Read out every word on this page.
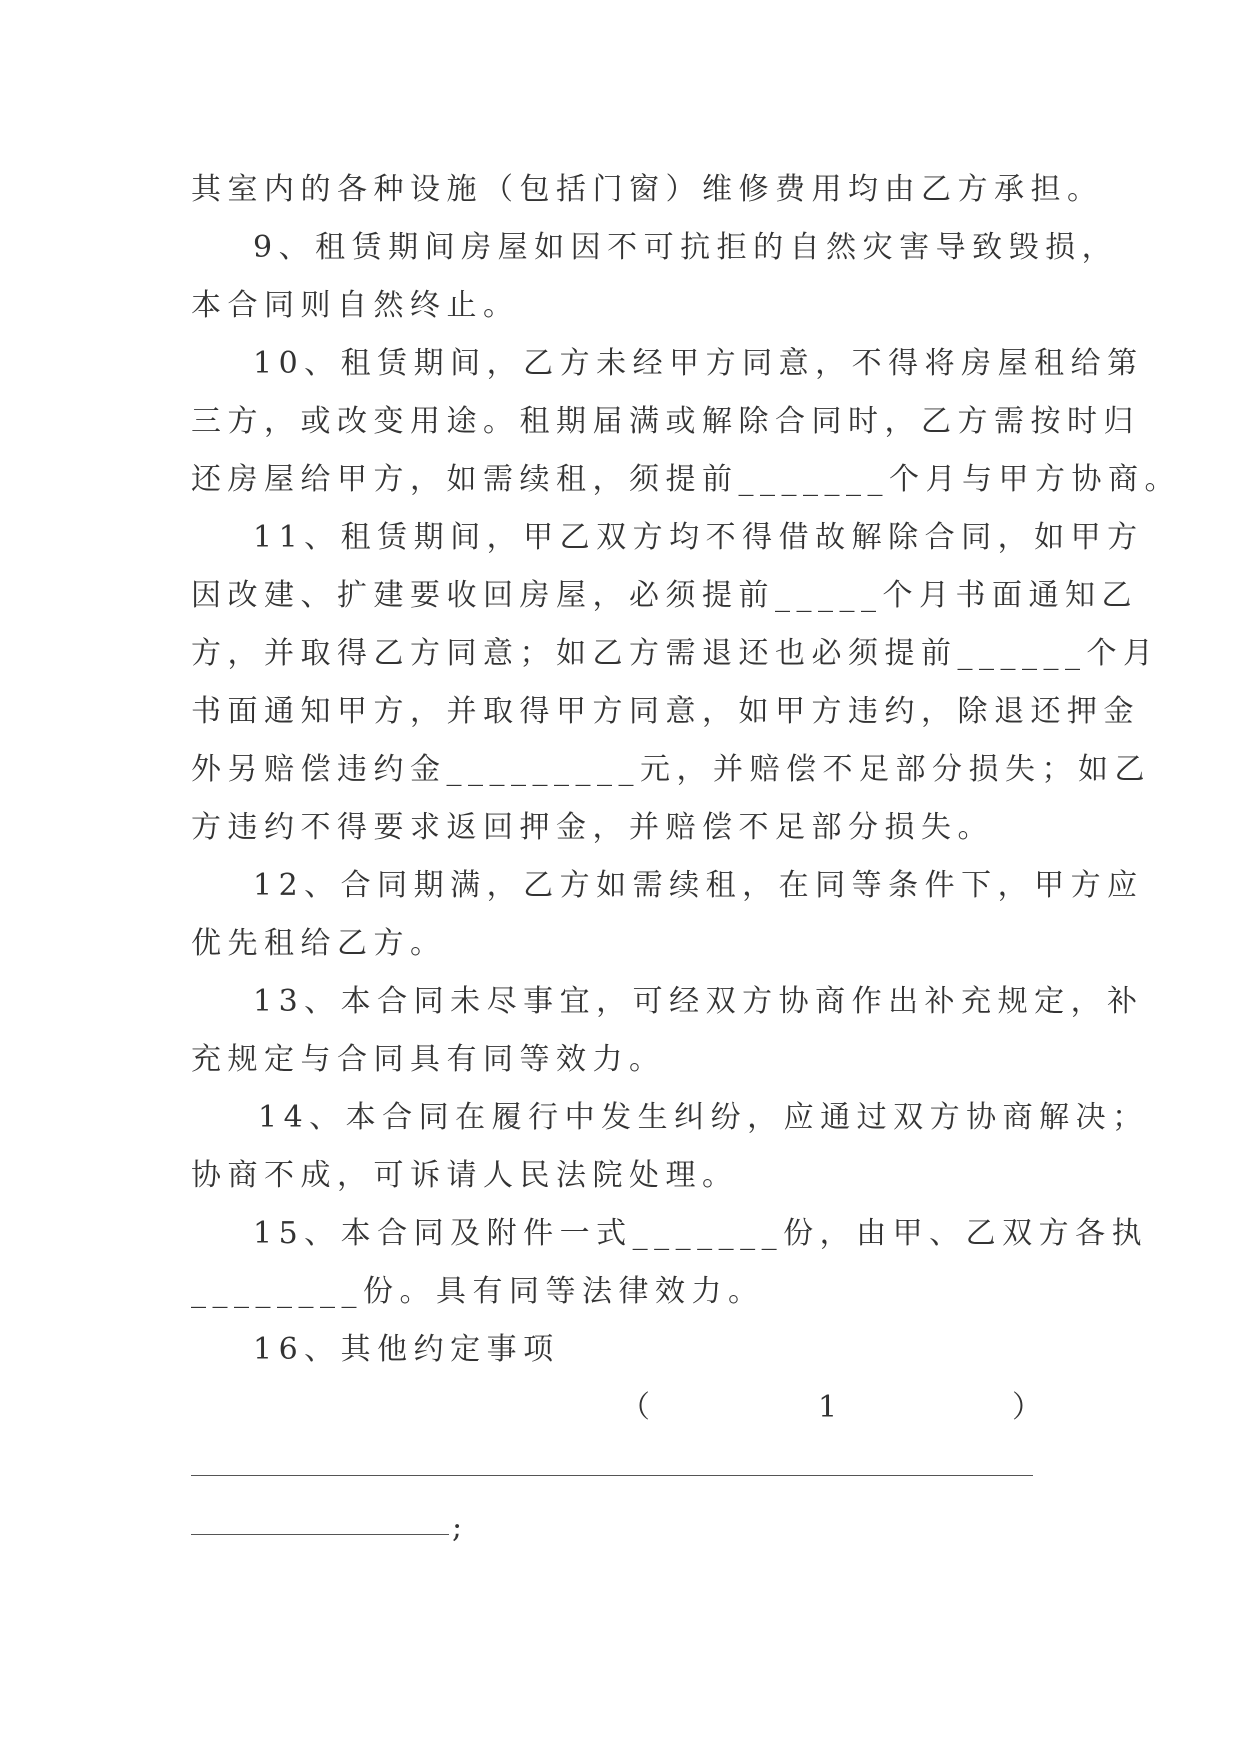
其室内的各种设施（包括门窗）维修费用均由乙方承担。
9、租赁期间房屋如因不可抗拒的自然灾害导致毁损，
本合同则自然终止。
10、租赁期间，乙方未经甲方同意，不得将房屋租给第
三方，或改变用途。租期届满或解除合同时，乙方需按时归
还房屋给甲方，如需续租，须提前_______个月与甲方协商。
11、租赁期间，甲乙双方均不得借故解除合同，如甲方
因改建、扩建要收回房屋，必须提前_____个月书面通知乙
方，并取得乙方同意；如乙方需退还也必须提前______个月
书面通知甲方，并取得甲方同意，如甲方违约，除退还押金
外另赔偿违约金_________元，并赔偿不足部分损失；如乙
方违约不得要求返回押金，并赔偿不足部分损失。
12、合同期满，乙方如需续租，在同等条件下，甲方应
优先租给乙方。
13、本合同未尽事宜，可经双方协商作出补充规定，补
充规定与合同具有同等效力。
14、本合同在履行中发生纠纷，应通过双方协商解决；
协商不成，可诉请人民法院处理。
15、本合同及附件一式_______份，由甲、乙双方各执
________份。具有同等法律效力。
16、其他约定事项
（	1	）
;
